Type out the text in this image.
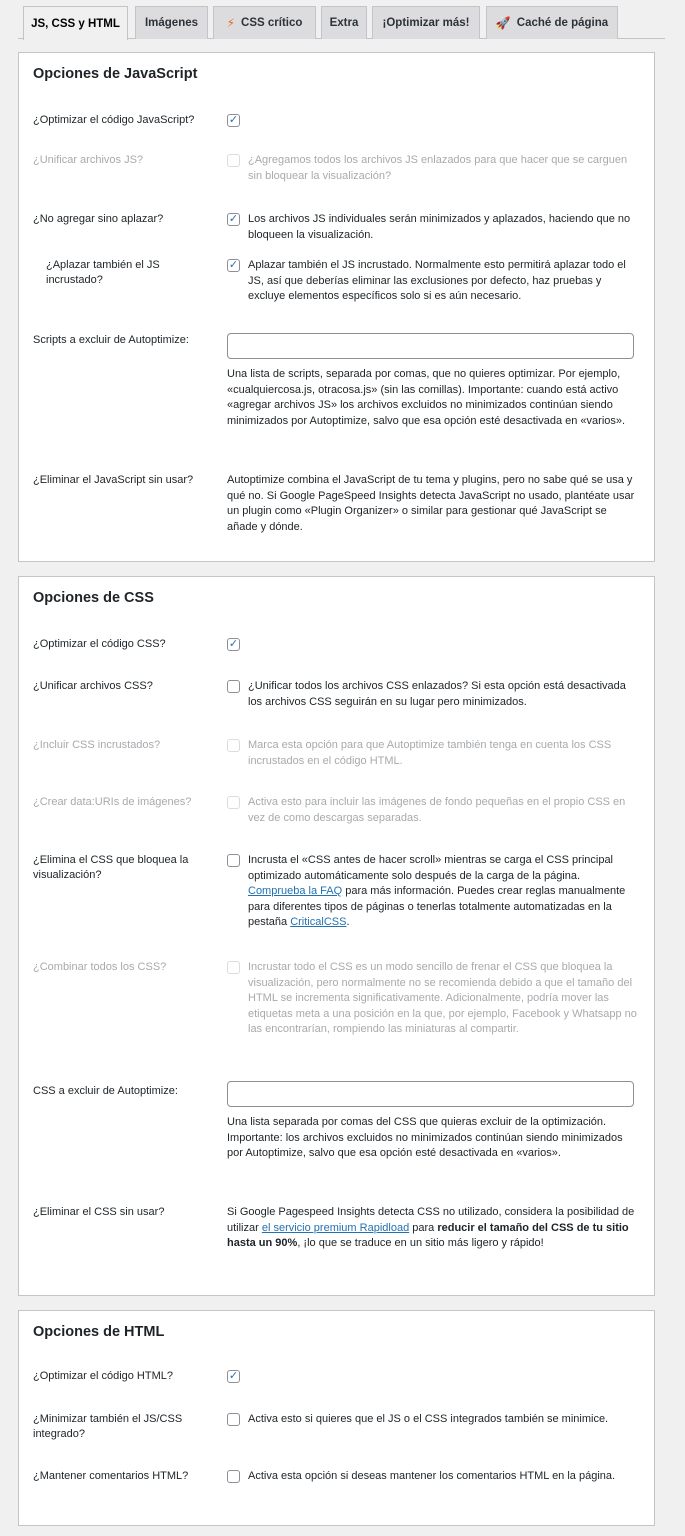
JS, CSS y HTML Imágenes ⚡ CSS crítico Extra ¡Optimizar más! 🚀 Caché de página
Opciones de JavaScript
¿Optimizar el código JavaScript?
✓
¿Unificar archivos JS?	¿Agregamos todos los archivos JS enlazados para que hacer que se carguen sin bloquear la visualización?
¿No agregar sino aplazar?
✓	Los archivos JS individuales serán minimizados y aplazados, haciendo que no bloqueen la visualización.
¿Aplazar también el JS incrustado?
✓
Aplazar también el JS incrustado. Normalmente esto permitirá aplazar todo el JS, así que deberías eliminar las exclusiones por defecto, haz pruebas y excluye elementos específicos solo si es aún necesario.
Scripts a excluir de Autoptimize:
Una lista de scripts, separada por comas, que no quieres optimizar. Por ejemplo, «cualquiercosa.js, otracosa.js» (sin las comillas). Importante: cuando está activo «agregar archivos JS» los archivos excluidos no minimizados continúan siendo minimizados por Autoptimize, salvo que esa opción esté desactivada en «varios».
¿Eliminar el JavaScript sin usar?	Autoptimize combina el JavaScript de tu tema y plugins, pero no sabe qué se usa y qué no. Si Google PageSpeed Insights detecta JavaScript no usado, plantéate usar un plugin como «Plugin Organizer» o similar para gestionar qué JavaScript se añade y dónde.
Opciones de CSS
¿Optimizar el código CSS?
✓
¿Unificar archivos CSS?	¿Unificar todos los archivos CSS enlazados? Si esta opción está desactivada los archivos CSS seguirán en su lugar pero minimizados.
¿Incluir CSS incrustados?	Marca esta opción para que Autoptimize también tenga en cuenta los CSS incrustados en el código HTML.
¿Crear data:URIs de imágenes?	Activa esto para incluir las imágenes de fondo pequeñas en el propio CSS en vez de como descargas separadas.
¿Elimina el CSS que bloquea la visualización?
Incrusta el «CSS antes de hacer scroll» mientras se carga el CSS principal optimizado automáticamente solo después de la carga de la página. Comprueba la FAQ para más información. Puedes crear reglas manualmente para diferentes tipos de páginas o tenerlas totalmente automatizadas en la pestaña CriticalCSS.
¿Combinar todos los CSS?	Incrustar todo el CSS es un modo sencillo de frenar el CSS que bloquea la visualización, pero normalmente no se recomienda debido a que el tamaño del HTML se incrementa significativamente. Adicionalmente, podría mover las etiquetas meta a una posición en la que, por ejemplo, Facebook y Whatsapp no las encontrarían, rompiendo las miniaturas al compartir.
CSS a excluir de Autoptimize:
Una lista separada por comas del CSS que quieras excluir de la optimización. Importante: los archivos excluidos no minimizados continúan siendo minimizados por Autoptimize, salvo que esa opción esté desactivada en «varios».
¿Eliminar el CSS sin usar?	Si Google Pagespeed Insights detecta CSS no utilizado, considera la posibilidad de utilizar el servicio premium Rapidload para reducir el tamaño del CSS de tu sitio hasta un 90%, ¡lo que se traduce en un sitio más ligero y rápido!
Opciones de HTML
¿Optimizar el código HTML?
✓
¿Minimizar también el JS/CSS integrado?
Activa esto si quieres que el JS o el CSS integrados también se minimice.
¿Mantener comentarios HTML?	Activa esta opción si deseas mantener los comentarios HTML en la página.
